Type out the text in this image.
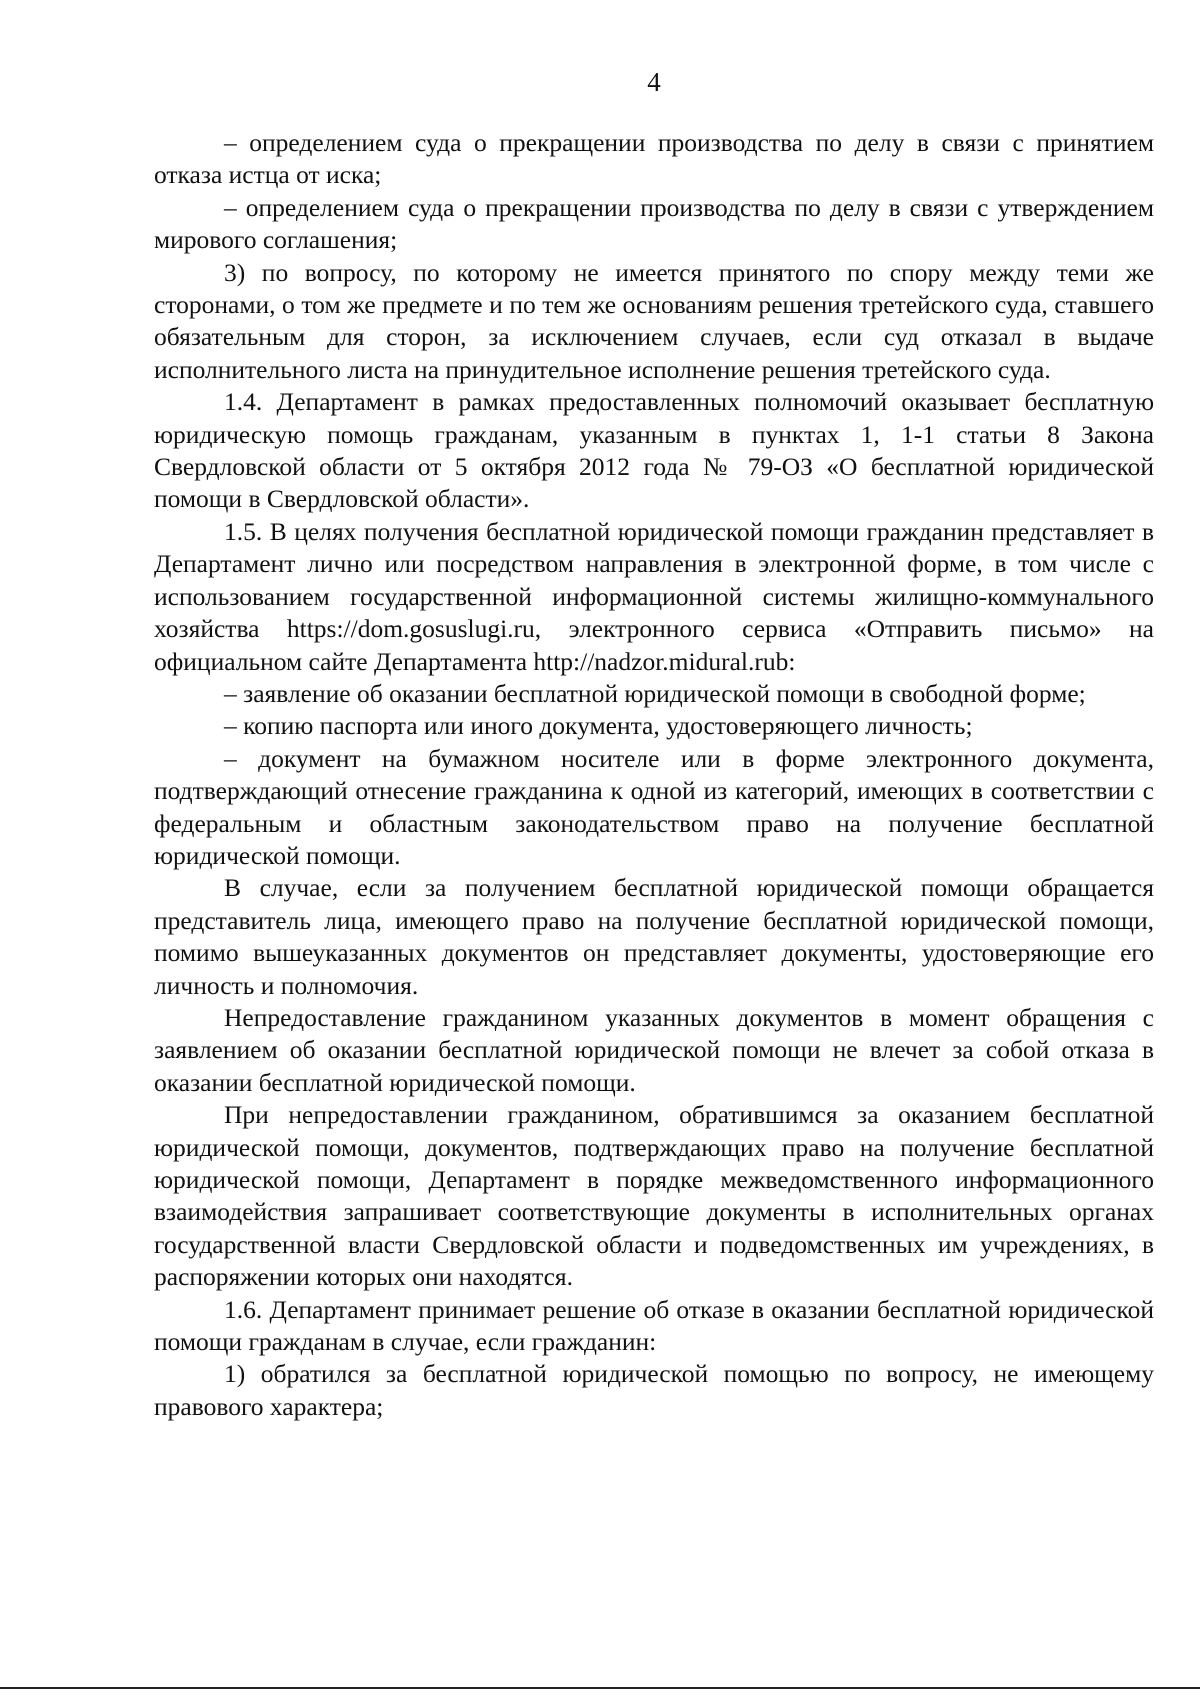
4

– определением суда о прекращении производства по делу в связи с принятием отказа истца от иска;

– определением суда о прекращении производства по делу в связи с утверждением мирового соглашения;

3) по вопросу, по которому не имеется принятого по спору между теми же сторонами, о том же предмете и по тем же основаниям решения третейского суда, ставшего обязательным для сторон, за исключением случаев, если суд отказал в выдаче исполнительного листа на принудительное исполнение решения третейского суда.

1.4. Департамент в рамках предоставленных полномочий оказывает бесплатную юридическую помощь гражданам, указанным в пунктах 1, 1-1 статьи 8 Закона Свердловской области от 5 октября 2012 года № 79-ОЗ «О бесплатной юридической помощи в Свердловской области».

1.5. В целях получения бесплатной юридической помощи гражданин представляет в Департамент лично или посредством направления в электронной форме, в том числе с использованием государственной информационной системы жилищно-коммунального хозяйства https://dom.gosuslugi.ru, электронного сервиса «Отправить письмо» на официальном сайте Департамента http://nadzor.midural.rub:

– заявление об оказании бесплатной юридической помощи в свободной форме;

– копию паспорта или иного документа, удостоверяющего личность;

– документ на бумажном носителе или в форме электронного документа, подтверждающий отнесение гражданина к одной из категорий, имеющих в соответствии с федеральным и областным законодательством право на получение бесплатной юридической помощи.

В случае, если за получением бесплатной юридической помощи обращается представитель лица, имеющего право на получение бесплатной юридической помощи, помимо вышеуказанных документов он представляет документы, удостоверяющие его личность и полномочия.

Непредоставление гражданином указанных документов в момент обращения с заявлением об оказании бесплатной юридической помощи не влечет за собой отказа в оказании бесплатной юридической помощи.

При непредоставлении гражданином, обратившимся за оказанием бесплатной юридической помощи, документов, подтверждающих право на получение бесплатной юридической помощи, Департамент в порядке межведомственного информационного взаимодействия запрашивает соответствующие документы в исполнительных органах государственной власти Свердловской области и подведомственных им учреждениях, в распоряжении которых они находятся.

1.6. Департамент принимает решение об отказе в оказании бесплатной юридической помощи гражданам в случае, если гражданин:

1) обратился за бесплатной юридической помощью по вопросу, не имеющему правового характера;
